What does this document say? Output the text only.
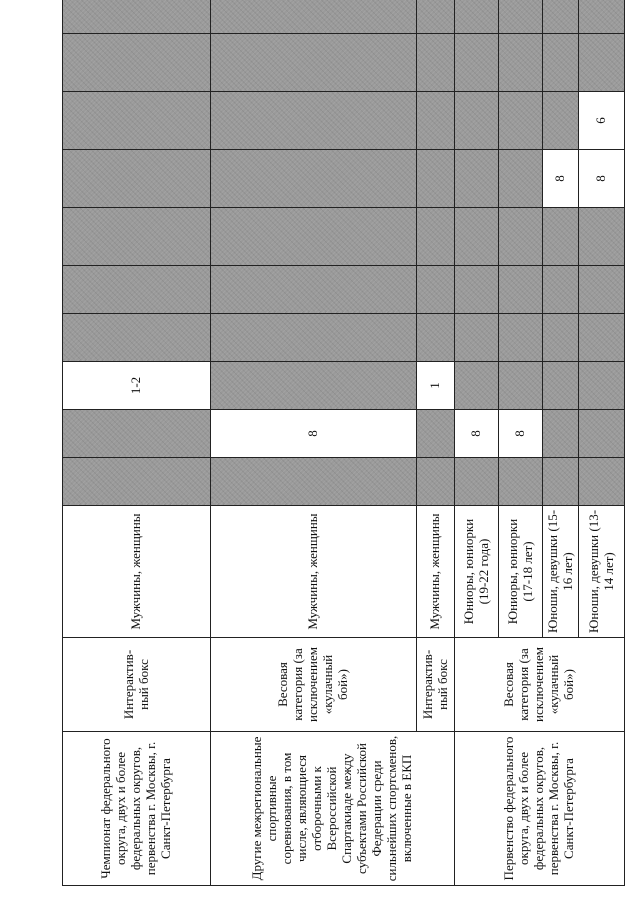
Чемпионат федерального округа, двух и более федеральных округов, первенства г. Москвы, г. Санкт-Петербурга	Интерактив-ный бокс	Мужчины, женщины			1-2							
Другие межрегиональные спортивные соревнования, в том числе, являющиеся отборочными к Всероссийской Спартакиаде между субъектами Российской Федерации среди сильнейших спортсменов, включенные в ЕКП	Весовая категория (за исключением «кулачный бой»)	Мужчины, женщины		8								
	Интерактив-ный бокс	Мужчины, женщины			1							
Первенство федерального округа, двух и более федеральных округов, первенства г. Москвы, г. Санкт-Петербурга	Весовая категория (за исключением «кулачный бой»)	Юниоры, юниорки (19-22 года)		8								
		Юниоры, юниорки (17-18 лет)		8								
		Юноши, девушки (15-16 лет)							8			
		Юноши, девушки (13-14 лет)							8	6		
